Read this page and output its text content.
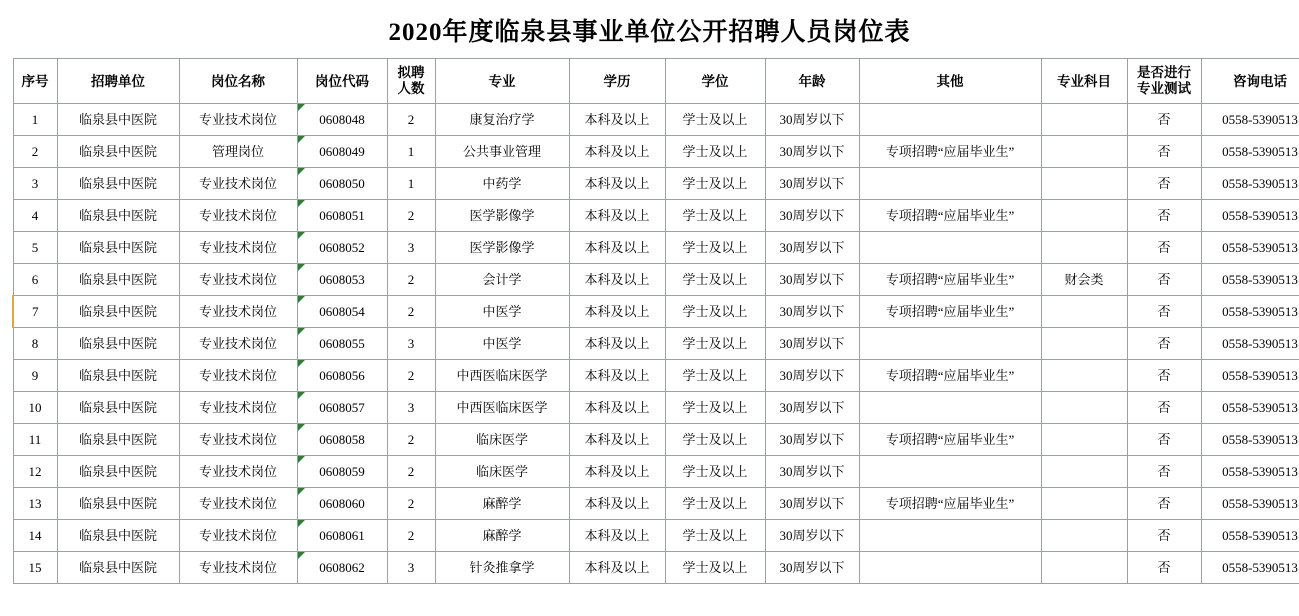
2020年度临泉县事业单位公开招聘人员岗位表
序号	招聘单位	岗位名称	岗位代码	拟聘
人数	专业	学历	学位	年龄	其他	专业科目	是否进行
专业测试	咨询电话
1	临泉县中医院	专业技术岗位	0608048	2	康复治疗学	本科及以上	学士及以上	30周岁以下			否	0558-5390513
2	临泉县中医院	管理岗位	0608049	1	公共事业管理	本科及以上	学士及以上	30周岁以下	专项招聘“应届毕业生”		否	0558-5390513
3	临泉县中医院	专业技术岗位	0608050	1	中药学	本科及以上	学士及以上	30周岁以下			否	0558-5390513
4	临泉县中医院	专业技术岗位	0608051	2	医学影像学	本科及以上	学士及以上	30周岁以下	专项招聘“应届毕业生”		否	0558-5390513
5	临泉县中医院	专业技术岗位	0608052	3	医学影像学	本科及以上	学士及以上	30周岁以下			否	0558-5390513
6	临泉县中医院	专业技术岗位	0608053	2	会计学	本科及以上	学士及以上	30周岁以下	专项招聘“应届毕业生”	财会类	否	0558-5390513
7	临泉县中医院	专业技术岗位	0608054	2	中医学	本科及以上	学士及以上	30周岁以下	专项招聘“应届毕业生”		否	0558-5390513
8	临泉县中医院	专业技术岗位	0608055	3	中医学	本科及以上	学士及以上	30周岁以下			否	0558-5390513
9	临泉县中医院	专业技术岗位	0608056	2	中西医临床医学	本科及以上	学士及以上	30周岁以下	专项招聘“应届毕业生”		否	0558-5390513
10	临泉县中医院	专业技术岗位	0608057	3	中西医临床医学	本科及以上	学士及以上	30周岁以下			否	0558-5390513
11	临泉县中医院	专业技术岗位	0608058	2	临床医学	本科及以上	学士及以上	30周岁以下	专项招聘“应届毕业生”		否	0558-5390513
12	临泉县中医院	专业技术岗位	0608059	2	临床医学	本科及以上	学士及以上	30周岁以下			否	0558-5390513
13	临泉县中医院	专业技术岗位	0608060	2	麻醉学	本科及以上	学士及以上	30周岁以下	专项招聘“应届毕业生”		否	0558-5390513
14	临泉县中医院	专业技术岗位	0608061	2	麻醉学	本科及以上	学士及以上	30周岁以下			否	0558-5390513
15	临泉县中医院	专业技术岗位	0608062	3	针灸推拿学	本科及以上	学士及以上	30周岁以下			否	0558-5390513
